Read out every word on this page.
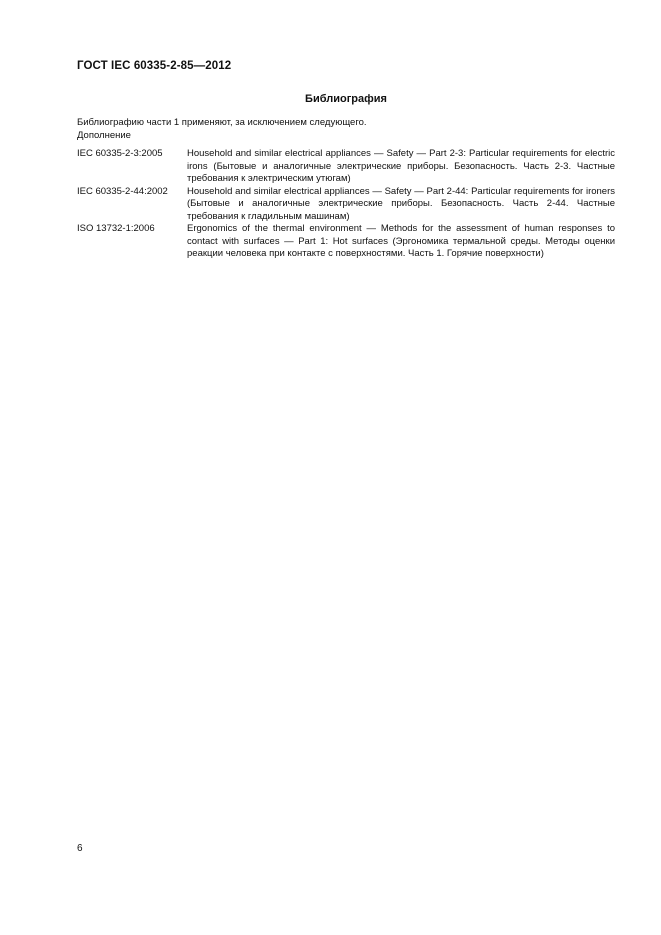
ГОСТ IEC 60335-2-85—2012
Библиография
Библиографию части 1 применяют, за исключением следующего.
Дополнение
IEC 60335-2-3:2005	Household and similar electrical appliances — Safety — Part 2-3: Particular requirements for electric irons (Бытовые и аналогичные электрические приборы. Безопасность. Часть 2-3. Частные требования к электрическим утюгам)
IEC 60335-2-44:2002	Household and similar electrical appliances — Safety — Part 2-44: Particular requirements for ironers (Бытовые и аналогичные электрические приборы. Безопасность. Часть 2-44. Частные требования к гладильным машинам)
ISO 13732-1:2006	Ergonomics of the thermal environment — Methods for the assessment of human responses to contact with surfaces — Part 1: Hot surfaces (Эргономика термальной среды. Методы оценки реакции человека при контакте с поверхностями. Часть 1. Горячие поверхности)
6
